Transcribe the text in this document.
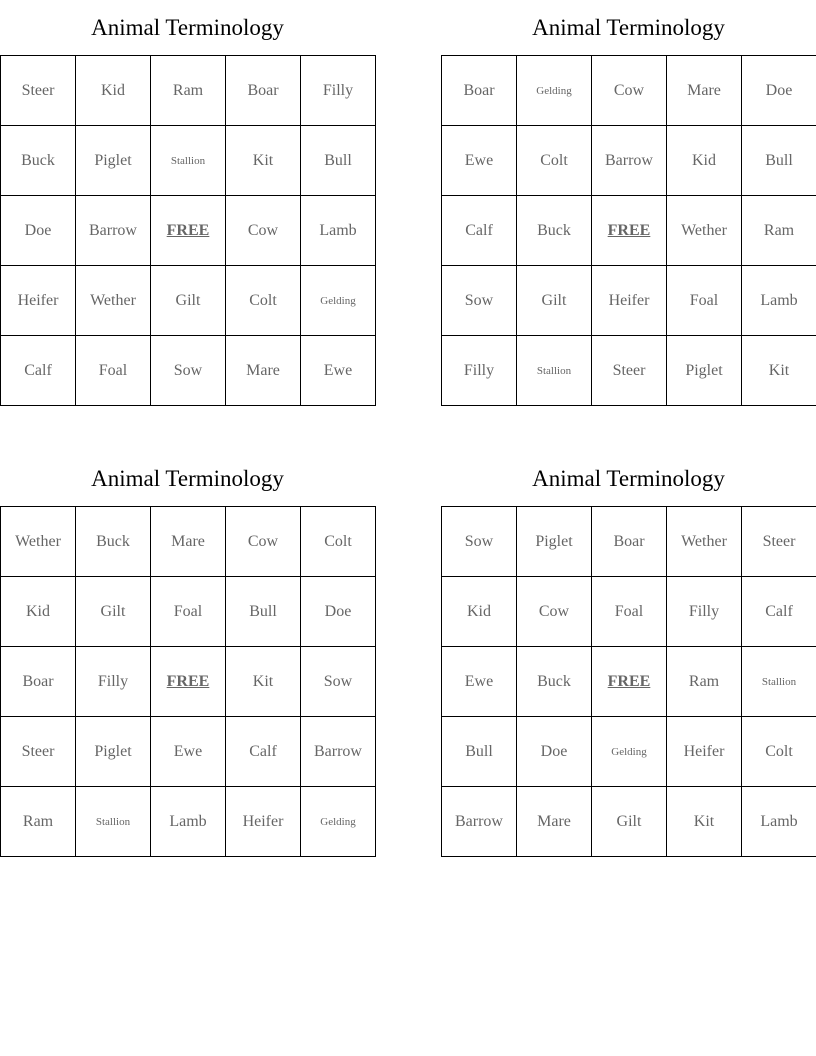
Animal Terminology
Steer	Kid	Ram	Boar	Filly
Buck	Piglet	Stallion	Kit	Bull
Doe	Barrow	FREE	Cow	Lamb
Heifer	Wether	Gilt	Colt	Gelding
Calf	Foal	Sow	Mare	Ewe
Animal Terminology
Boar	Gelding	Cow	Mare	Doe
Ewe	Colt	Barrow	Kid	Bull
Calf	Buck	FREE	Wether	Ram
Sow	Gilt	Heifer	Foal	Lamb
Filly	Stallion	Steer	Piglet	Kit
Animal Terminology
Wether	Buck	Mare	Cow	Colt
Kid	Gilt	Foal	Bull	Doe
Boar	Filly	FREE	Kit	Sow
Steer	Piglet	Ewe	Calf	Barrow
Ram	Stallion	Lamb	Heifer	Gelding
Animal Terminology
Sow	Piglet	Boar	Wether	Steer
Kid	Cow	Foal	Filly	Calf
Ewe	Buck	FREE	Ram	Stallion
Bull	Doe	Gelding	Heifer	Colt
Barrow	Mare	Gilt	Kit	Lamb
